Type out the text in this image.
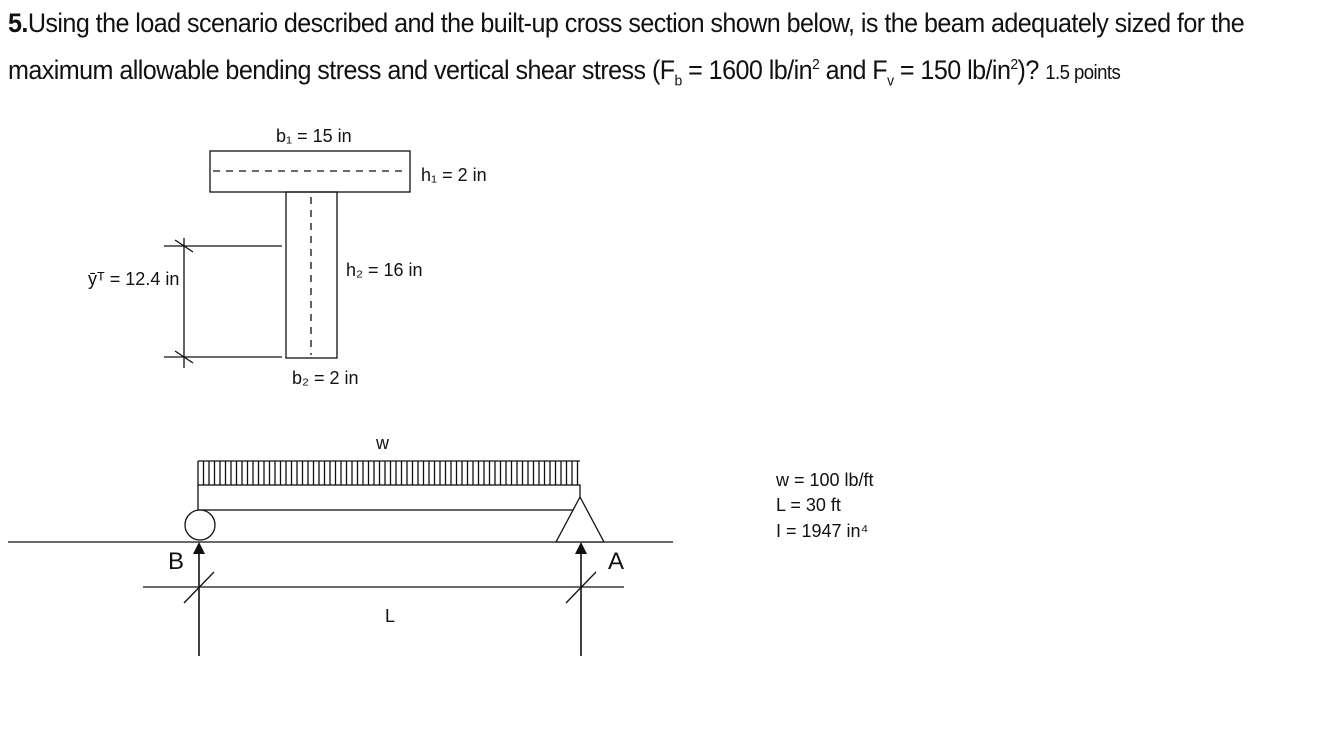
5.Using the load scenario described and the built-up cross section shown below, is the beam adequately sized for the
maximum allowable bending stress and vertical shear stress ($F_b = 1600$ $lb/in^2$ and $F_v = 150$ $lb/in^2$)? 1.5 points
b₁ = 15 in
h₁ = 2 in
h₂ = 16 in
b₂ = 2 in
ȳᵀ = 12.4 in
w
B	A
L
w = 100 lb/ft
L = 30 ft
I = 1947 in⁴
